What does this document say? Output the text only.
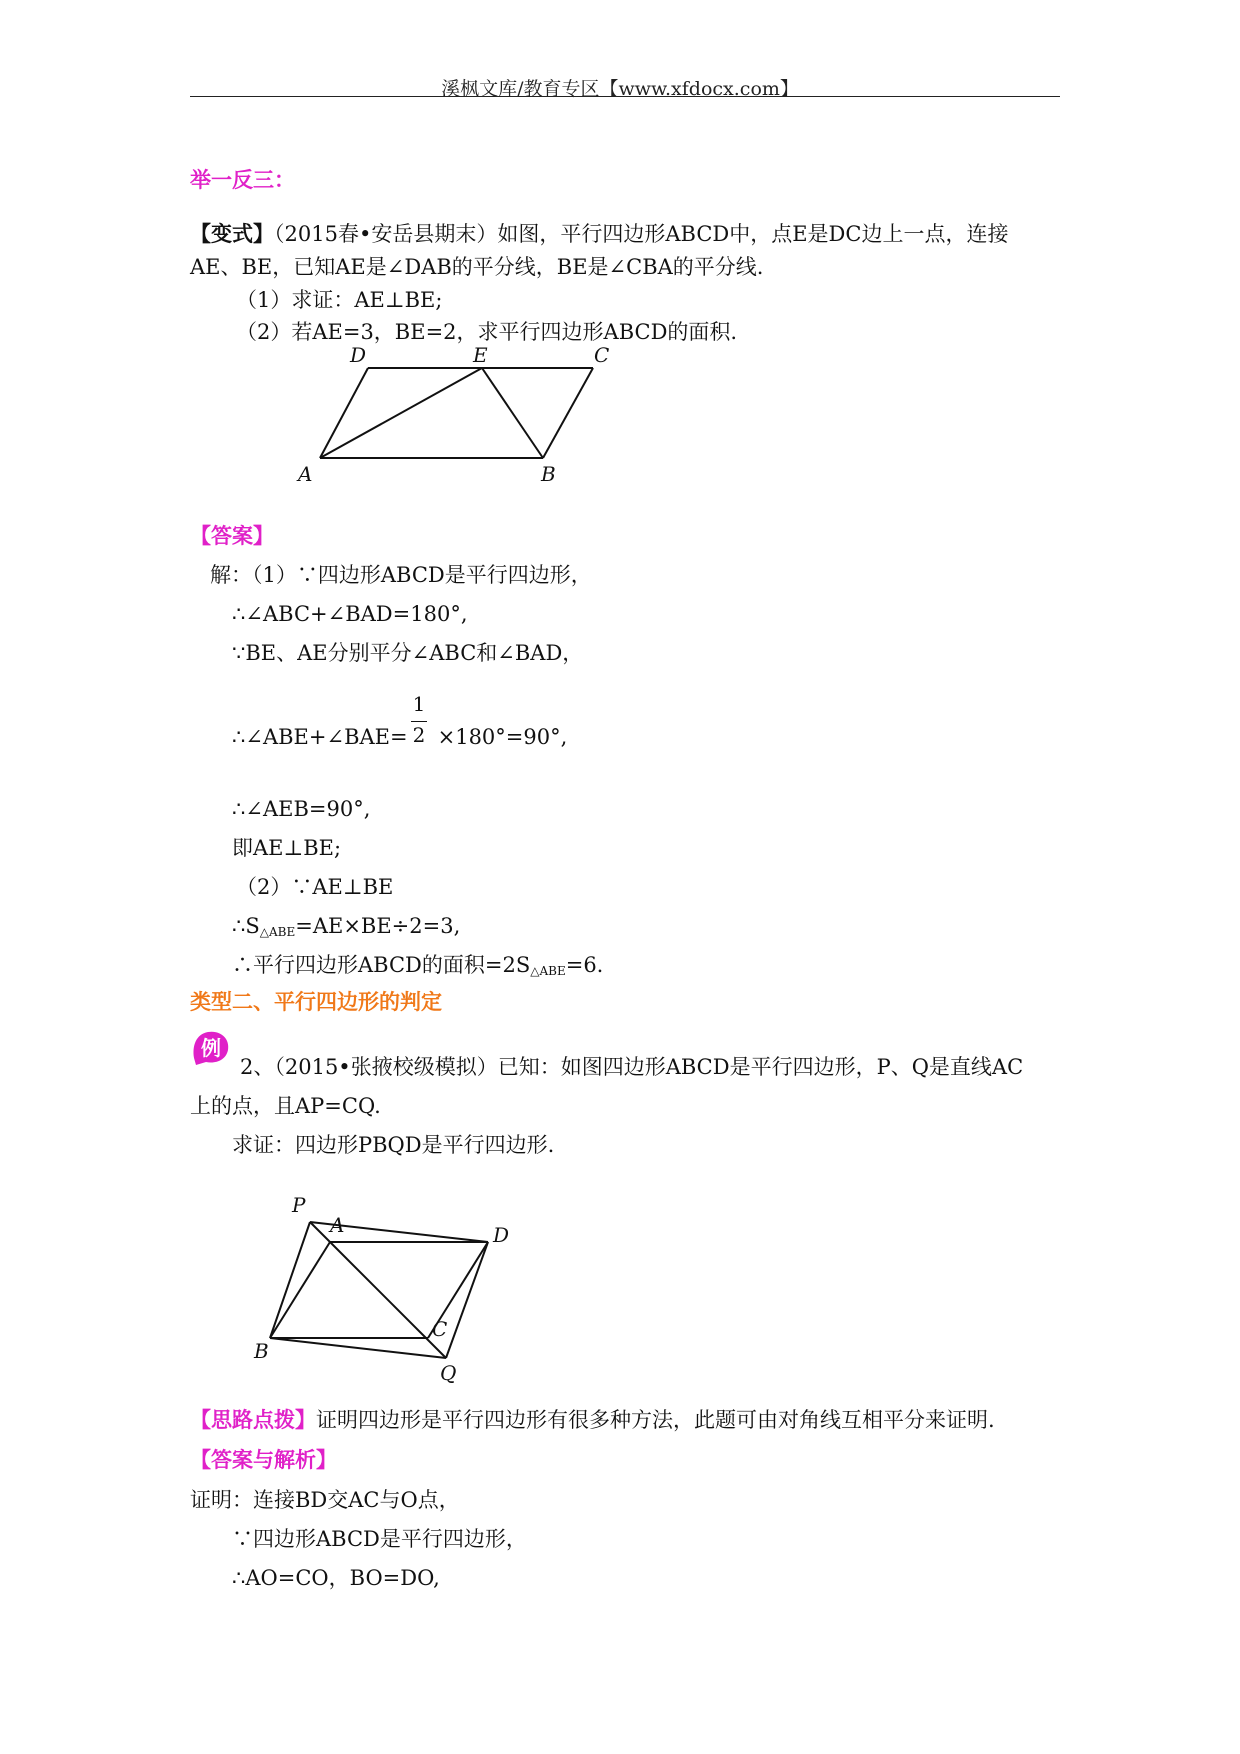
溪枫文库/教育专区【www.xfdocx.com】
举一反三：
【变式】（2015春•安岳县期末）如图，平行四边形ABCD中，点E是DC边上一点，连接
AE、BE，已知AE是∠DAB的平分线，BE是∠CBA的平分线.
（1）求证：AE⊥BE;
（2）若AE=3，BE=2，求平行四边形ABCD的面积.
D	E	C
A	B
【答案】
解：（1）∵四边形ABCD是平行四边形，
∴∠ABC+∠BAD=180°,
∵BE、AE分别平分∠ABC和∠BAD，
∴∠ABE+∠BAE= ×180°=90°,
1
2
∴∠AEB=90°,
即AE⊥BE;
（2）∵AE⊥BE
$\therefore S_{\triangle ABE}=AE\times BE\div 2=3$,
∴平行四边形ABCD的面积$=2S_{\triangle ABE}=6$.
类型二、平行四边形的判定
例
2、（2015•张掖校级模拟）已知：如图四边形ABCD是平行四边形，P、Q是直线AC
上的点，且AP=CQ.
求证：四边形PBQD是平行四边形.
P
A	D
B
C
Q
【思路点拨】证明四边形是平行四边形有很多种方法，此题可由对角线互相平分来证明.
【答案与解析】
证明：连接BD交AC与O点，
∵四边形ABCD是平行四边形，
∴AO=CO，BO=DO,
